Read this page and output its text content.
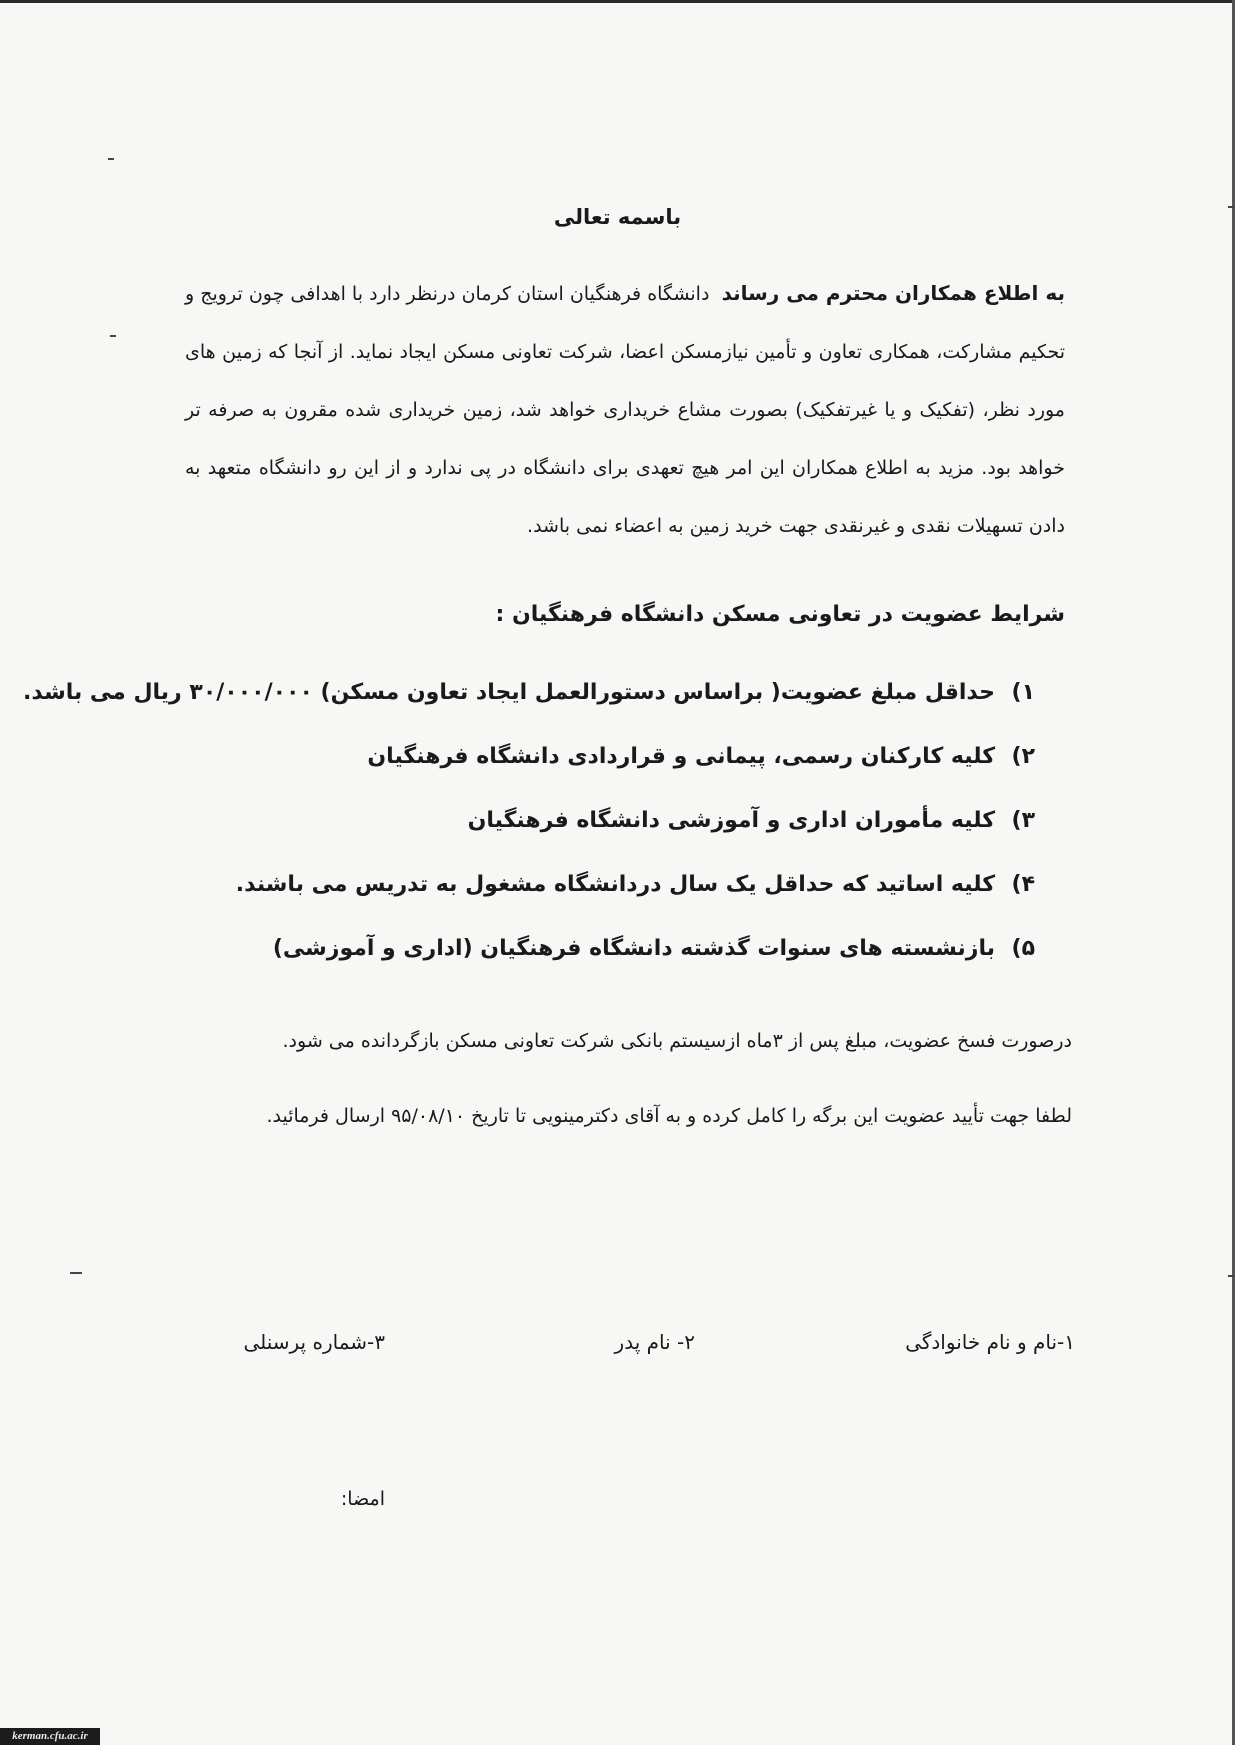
باسمه تعالی
به اطلاع همکاران محترم می رساند  دانشگاه فرهنگیان استان کرمان درنظر دارد با اهدافی چون ترویج و تحکیم مشارکت، همکاری تعاون و تأمین نیازمسکن اعضا، شرکت تعاونی مسکن ایجاد نماید. از آنجا که زمین های مورد نظر، (تفکیک و یا غیرتفکیک) بصورت مشاع خریداری خواهد شد، زمین خریداری شده مقرون به صرفه تر خواهد بود. مزید به اطلاع همکاران این امر هیچ تعهدی برای دانشگاه در پی ندارد و از این رو دانشگاه متعهد به دادن تسهیلات نقدی و غیرنقدی جهت خرید زمین به اعضاء نمی باشد.
شرایط عضویت در تعاونی مسکن دانشگاه فرهنگیان :
۱)حداقل مبلغ عضویت( براساس دستورالعمل ایجاد تعاون مسکن) ۳۰/۰۰۰/۰۰۰ ریال می باشد.
۲)کلیه کارکنان رسمی، پیمانی و قراردادی دانشگاه فرهنگیان
۳)کلیه مأموران اداری و آموزشی دانشگاه فرهنگیان
۴)کلیه اساتید که حداقل یک سال دردانشگاه مشغول به تدریس می باشند.
۵)بازنشسته های سنوات گذشته دانشگاه فرهنگیان (اداری و آموزشی)
درصورت فسخ عضویت، مبلغ پس از ۳ماه ازسیستم بانکی شرکت تعاونی مسکن بازگردانده می شود.
لطفا جهت تأیید عضویت این برگه را کامل کرده و به آقای دکترمینویی تا تاریخ ۹۵/۰۸/۱۰ ارسال فرمائید.
۱-نام و نام خانوادگی
۲- نام پدر
۳-شماره پرسنلی
امضا:
kerman.cfu.ac.ir
